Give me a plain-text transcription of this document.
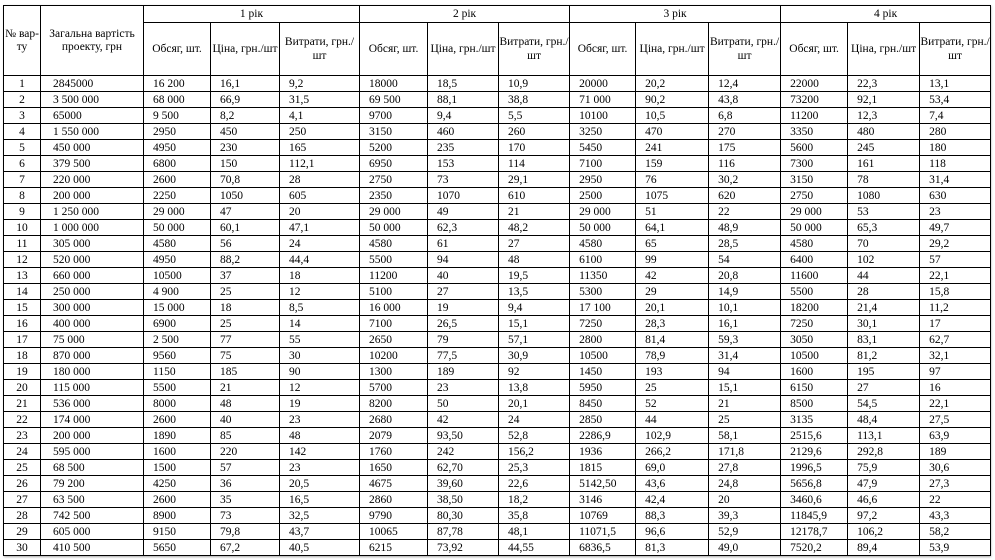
№ вар-ту	Загальна вартість проекту, грн	1 рік			2 рік			3 рік			4 рік		
		Обсяг, шт.	Ціна, грн./шт	Витрати, грн./шт	Обсяг, шт.	Ціна, грн./шт	Витрати, грн./шт	Обсяг, шт.	Ціна, грн./шт	Витрати, грн./шт	Обсяг, шт.	Ціна, грн./шт	Витрати, грн./шт
1	2845000	16 200	16,1	9,2	18000	18,5	10,9	20000	20,2	12,4	22000	22,3	13,1
2	3 500 000	68 000	66,9	31,5	69 500	88,1	38,8	71 000	90,2	43,8	73200	92,1	53,4
3	65000	9 500	8,2	4,1	9700	9,4	5,5	10100	10,5	6,8	11200	12,3	7,4
4	1 550 000	2950	450	250	3150	460	260	3250	470	270	3350	480	280
5	450 000	4950	230	165	5200	235	170	5450	241	175	5600	245	180
6	379 500	6800	150	112,1	6950	153	114	7100	159	116	7300	161	118
7	220 000	2600	70,8	28	2750	73	29,1	2950	76	30,2	3150	78	31,4
8	200 000	2250	1050	605	2350	1070	610	2500	1075	620	2750	1080	630
9	1 250 000	29 000	47	20	29 000	49	21	29 000	51	22	29 000	53	23
10	1 000 000	50 000	60,1	47,1	50 000	62,3	48,2	50 000	64,1	48,9	50 000	65,3	49,7
11	305 000	4580	56	24	4580	61	27	4580	65	28,5	4580	70	29,2
12	520 000	4950	88,2	44,4	5500	94	48	6100	99	54	6400	102	57
13	660 000	10500	37	18	11200	40	19,5	11350	42	20,8	11600	44	22,1
14	250 000	4 900	25	12	5100	27	13,5	5300	29	14,9	5500	28	15,8
15	300 000	15 000	18	8,5	16 000	19	9,4	17 100	20,1	10,1	18200	21,4	11,2
16	400 000	6900	25	14	7100	26,5	15,1	7250	28,3	16,1	7250	30,1	17
17	75 000	2 500	77	55	2650	79	57,1	2800	81,4	59,3	3050	83,1	62,7
18	870 000	9560	75	30	10200	77,5	30,9	10500	78,9	31,4	10500	81,2	32,1
19	180 000	1150	185	90	1300	189	92	1450	193	94	1600	195	97
20	115 000	5500	21	12	5700	23	13,8	5950	25	15,1	6150	27	16
21	536 000	8000	48	19	8200	50	20,1	8450	52	21	8500	54,5	22,1
22	174 000	2600	40	23	2680	42	24	2850	44	25	3135	48,4	27,5
23	200 000	1890	85	48	2079	93,50	52,8	2286,9	102,9	58,1	2515,6	113,1	63,9
24	595 000	1600	220	142	1760	242	156,2	1936	266,2	171,8	2129,6	292,8	189
25	68 500	1500	57	23	1650	62,70	25,3	1815	69,0	27,8	1996,5	75,9	30,6
26	79 200	4250	36	20,5	4675	39,60	22,6	5142,50	43,6	24,8	5656,8	47,9	27,3
27	63 500	2600	35	16,5	2860	38,50	18,2	3146	42,4	20	3460,6	46,6	22
28	742 500	8900	73	32,5	9790	80,30	35,8	10769	88,3	39,3	11845,9	97,2	43,3
29	605 000	9150	79,8	43,7	10065	87,78	48,1	11071,5	96,6	52,9	12178,7	106,2	58,2
30	410 500	5650	67,2	40,5	6215	73,92	44,55	6836,5	81,3	49,0	7520,2	89,4	53,9
